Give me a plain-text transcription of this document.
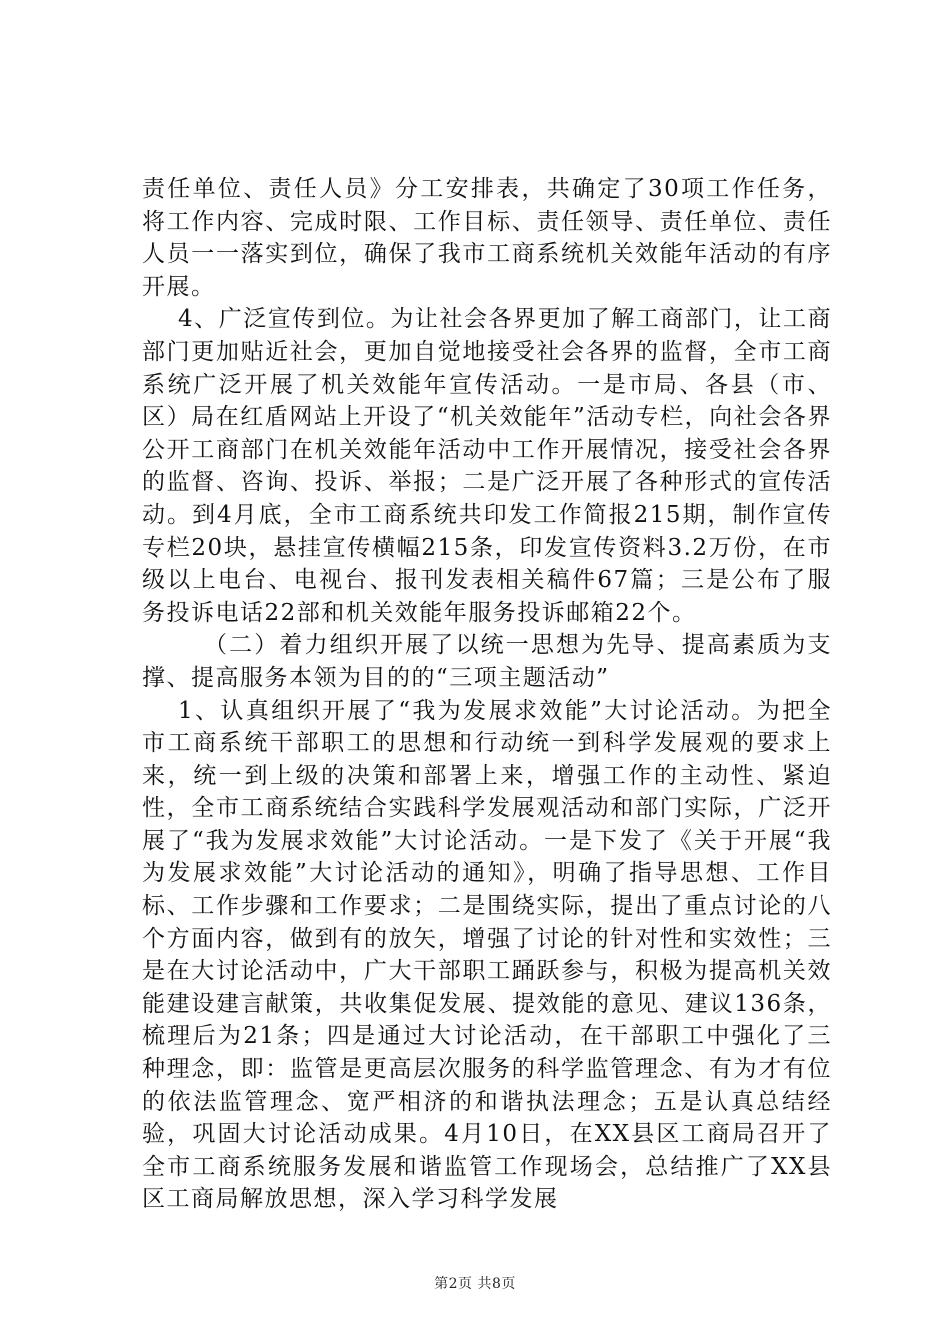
责任单位、责任人员》分工安排表，共确定了30项工作任务，将工作内容、完成时限、工作目标、责任领导、责任单位、责任人员一一落实到位，确保了我市工商系统机关效能年活动的有序开展。

4、广泛宣传到位。为让社会各界更加了解工商部门，让工商部门更加贴近社会，更加自觉地接受社会各界的监督，全市工商系统广泛开展了机关效能年宣传活动。一是市局、各县（市、区）局在红盾网站上开设了“机关效能年”活动专栏，向社会各界公开工商部门在机关效能年活动中工作开展情况，接受社会各界的监督、咨询、投诉、举报；二是广泛开展了各种形式的宣传活动。到4月底，全市工商系统共印发工作简报215期，制作宣传专栏20块，悬挂宣传横幅215条，印发宣传资料3.2万份，在市级以上电台、电视台、报刊发表相关稿件67篇；三是公布了服务投诉电话22部和机关效能年服务投诉邮箱22个。

（二）着力组织开展了以统一思想为先导、提高素质为支撑、提高服务本领为目的的“三项主题活动”

1、认真组织开展了“我为发展求效能”大讨论活动。为把全市工商系统干部职工的思想和行动统一到科学发展观的要求上来，统一到上级的决策和部署上来，增强工作的主动性、紧迫性，全市工商系统结合实践科学发展观活动和部门实际，广泛开展了“我为发展求效能”大讨论活动。一是下发了《关于开展“我为发展求效能”大讨论活动的通知》，明确了指导思想、工作目标、工作步骤和工作要求；二是围绕实际，提出了重点讨论的八个方面内容，做到有的放矢，增强了讨论的针对性和实效性；三是在大讨论活动中，广大干部职工踊跃参与，积极为提高机关效能建设建言献策，共收集促发展、提效能的意见、建议136条，梳理后为21条；四是通过大讨论活动，在干部职工中强化了三种理念，即：监管是更高层次服务的科学监管理念、有为才有位的依法监管理念、宽严相济的和谐执法理念；五是认真总结经验，巩固大讨论活动成果。4月10日，在XX县区工商局召开了全市工商系统服务发展和谐监管工作现场会，总结推广了XX县区工商局解放思想，深入学习科学发展

第2页 共8页
